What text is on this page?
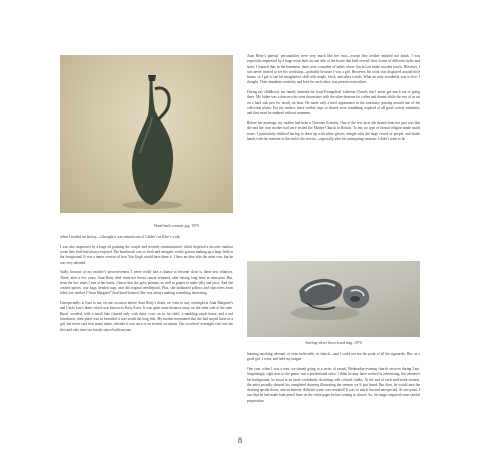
Hand-built ceramic jug, 1970

when I studied art history—I thought it was reminiscent of Calder’s or Klee’s work.

I was also impressed by a large oil painting the couple had recently commissioned, which depicted a favorite outdoor scene they both had always enjoyed. The brushwork was so fresh and energetic on the grasses making up a large field in the foreground. It was a tamer version of how Van Gogh would have done it. I have no idea who the artist was, but he was very talented.

Sadly, because of my mother’s possessiveness, I never really had a chance to become close to these new relatives. There, after a few years, Aunt Betty died when her breast cancer returned, after having long been in remission. But, from the few times I was at her home, I know that she grew peanuts, as well as grapes to make jelly and juice. And she created purses, tote bags, beaded rugs, and did original needlepoint. Plus, she fashioned pillows and slipcovers from fabric her mother (“Aunt Margaret”) had hand-loomed. She was always making something interesting.

Unexpectedly, at least to me, on one occasion before Aunt Betty’s death, we went to stay overnight at Aunt Margaret’s and Uncle Lou’s home which was known as Forty Acres. It was quite some distance away, on the other side of the state. Rural, wooded, with a small lake (shared only with daisy cows on its far side), a rambling ranch home, and a red farmhouse, their place was so beautiful it was worth the long ride. My mother mentioned that she had stayed there as a girl, but never said how many times, whether it was once or on several occasions. Our own brief overnight visit was the first and only time our family stayed with anyone.

Aunt Betty’s parents’ personalities were very much like her own—except they neither smoked nor drank. I was especially impressed by a huge room built on one side of the house that held several floor looms of different styles and sizes. I learned that, in the basement, there were a number of lathes where Uncle Lou made wooden bowls. However, I was never invited to see his workshop—probably because I was a girl. However, his work was displayed around their house, so I got to see his imaginative skill with maple, birch, and other woods. What an truly wonderful way to live, I thought. Their abundant creativity and love for each other, was present everywhere.

During my childhood, my family attended the local Evangelical Lutheran Church, but I never got much out of going there. My father was a deacon who went downstairs with the other deacons for coffee and donuts while the rest of us sat on a hard oak pew for nearly an hour. He made only a brief appearance in the sanctuary, passing around one of the collection plates. For my mother, these weekly trips to church were something required of all good society members, and they must be endured without comment.

Before her marriage, my mother had been a Christian Scientist. One of the few facts she shared from her past was that she and her own mother had once visited the Mother Church in Boston. To me, no type of formal religion made much sense. I particularly disliked having to dress up with white gloves, mingle with the large crowd of people, and shake hands with the minister at the end of the service—especially after his uninspiring sermons. I didn’t seem to be

Sterling-silver brooch and ring, 1970

learning anything relevant, or even believable, in church—and I could not see the point of all the rigmarole. But, as a good girl, I went, and held my tongue.

One year, when I was a teen, we started going to a series of casual, Wednesday-evening church services during Lent. Surprisingly, right next to the pastor was a professional artist. I think he may have worked in advertising, but whatever his background, he stood at an easel confidently sketching with colored chalks. At the end of each mid-week sermon, the artist proudly showed his completed drawing illustrating the sermon we’d just heard. But then, he would turn the drawing upside-down, and an entirely different scene was revealed! It was so much fun and unexpected. At one point, I saw that he had made faint pencil lines on the white paper before coming to church. So, his magic required some careful preparation.

8
